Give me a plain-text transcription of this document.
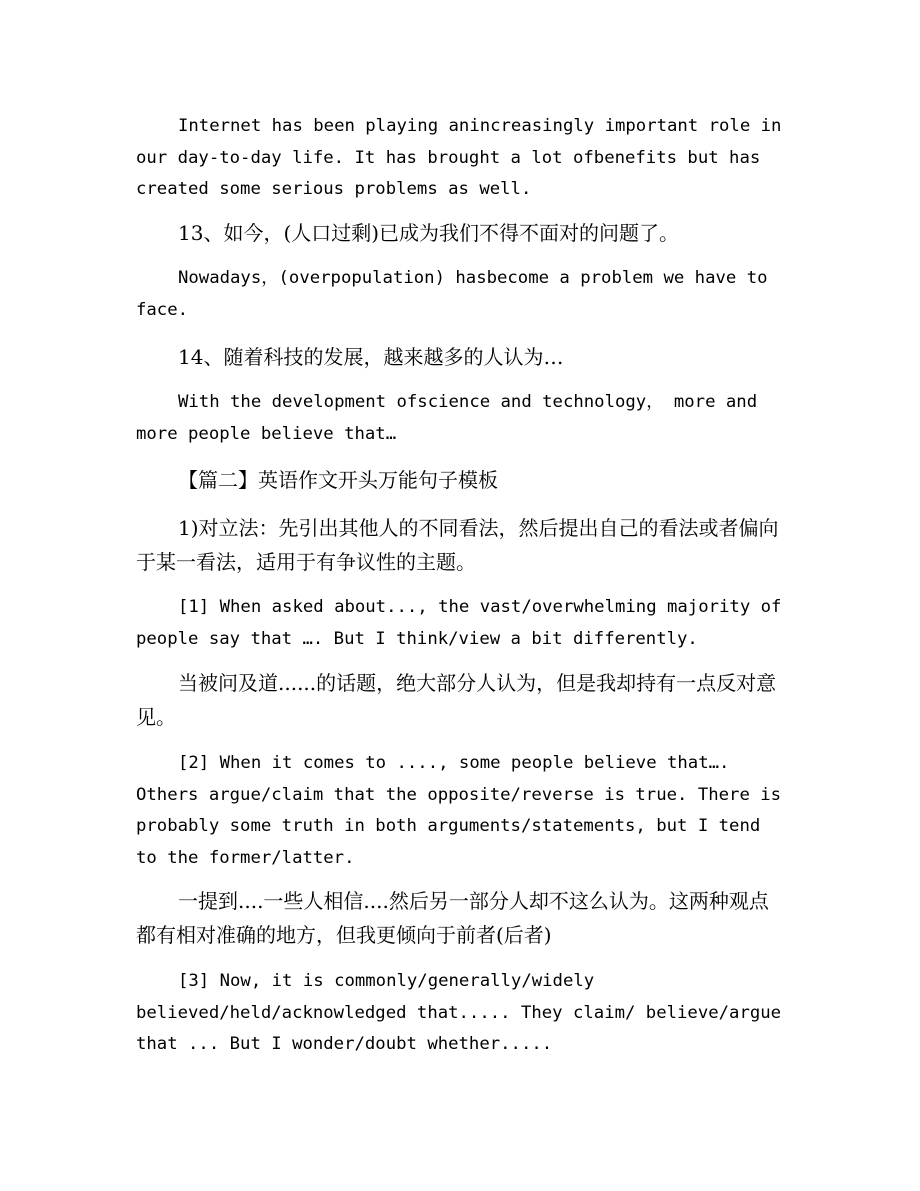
Internet has been playing anincreasingly important role in our day-to-day life. It has brought a lot ofbenefits but has created some serious problems as well.

13、如今，(人口过剩)已成为我们不得不面对的问题了。

Nowadays，(overpopulation) hasbecome a problem we have to face.

14、随着科技的发展，越来越多的人认为…

With the development ofscience and technology， more and more people believe that…

【篇二】英语作文开头万能句子模板

1)对立法：先引出其他人的不同看法，然后提出自己的看法或者偏向于某一看法，适用于有争议性的主题。

[1] When asked about..., the vast/overwhelming majority of people say that …. But I think/view a bit differently.

当被问及道......的话题，绝大部分人认为，但是我却持有一点反对意见。

[2] When it comes to ...., some people believe that…. Others argue/claim that the opposite/reverse is true. There is probably some truth in both arguments/statements, but I tend to the former/latter.

一提到....一些人相信....然后另一部分人却不这么认为。这两种观点都有相对准确的地方，但我更倾向于前者(后者)

[3] Now, it is commonly/generally/widely believed/held/acknowledged that..... They claim/ believe/argue that ... But I wonder/doubt whether.....
